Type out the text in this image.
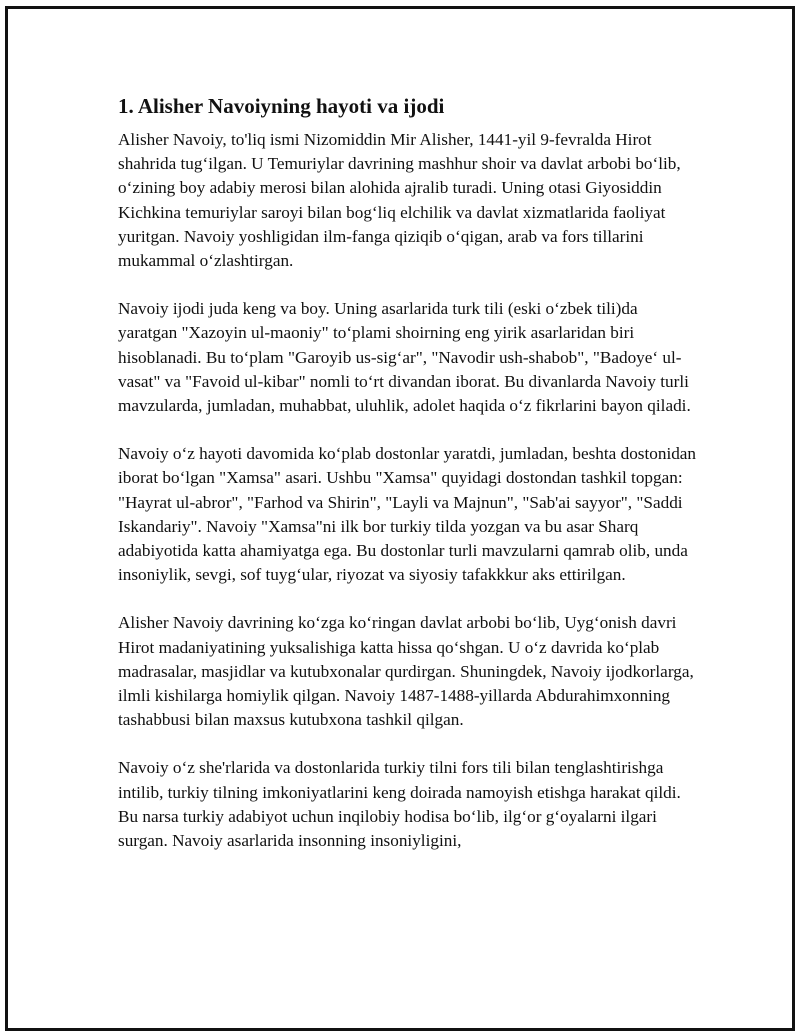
1. Alisher Navoiyning hayoti va ijodi

Alisher Navoiy, to'liq ismi Nizomiddin Mir Alisher, 1441-yil 9-fevralda Hirot shahrida tug‘ilgan. U Temuriylar davrining mashhur shoir va davlat arbobi bo‘lib, o‘zining boy adabiy merosi bilan alohida ajralib turadi. Uning otasi Giyosiddin Kichkina temuriylar saroyi bilan bog‘liq elchilik va davlat xizmatlarida faoliyat yuritgan. Navoiy yoshligidan ilm-fanga qiziqib o‘qigan, arab va fors tillarini mukammal o‘zlashtirgan.

Navoiy ijodi juda keng va boy. Uning asarlarida turk tili (eski o‘zbek tili)da yaratgan "Xazoyin ul-maoniy" to‘plami shoirning eng yirik asarlaridan biri hisoblanadi. Bu to‘plam "Garoyib us-sig‘ar", "Navodir ush-shabob", "Badoye‘ ul-vasat" va "Favoid ul-kibar" nomli to‘rt divandan iborat. Bu divanlarda Navoiy turli mavzularda, jumladan, muhabbat, uluhlik, adolet haqida o‘z fikrlarini bayon qiladi.

Navoiy o‘z hayoti davomida ko‘plab dostonlar yaratdi, jumladan, beshta dostonidan iborat bo‘lgan "Xamsa" asari. Ushbu "Xamsa" quyidagi dostondan tashkil topgan: "Hayrat ul-abror", "Farhod va Shirin", "Layli va Majnun", "Sab'ai sayyor", "Saddi Iskandariy". Navoiy "Xamsa"ni ilk bor turkiy tilda yozgan va bu asar Sharq adabiyotida katta ahamiyatga ega. Bu dostonlar turli mavzularni qamrab olib, unda insoniylik, sevgi, sof tuyg‘ular, riyozat va siyosiy tafakkkur aks ettirilgan.

Alisher Navoiy davrining ko‘zga ko‘ringan davlat arbobi bo‘lib, Uyg‘onish davri Hirot madaniyatining yuksalishiga katta hissa qo‘shgan. U o‘z davrida ko‘plab madrasalar, masjidlar va kutubxonalar qurdirgan. Shuningdek, Navoiy ijodkorlarga, ilmli kishilarga homiylik qilgan. Navoiy 1487-1488-yillarda Abdurahimxonning tashabbusi bilan maxsus kutubxona tashkil qilgan.

Navoiy o‘z she'rlarida va dostonlarida turkiy tilni fors tili bilan tenglashtirishga intilib, turkiy tilning imkoniyatlarini keng doirada namoyish etishga harakat qildi. Bu narsa turkiy adabiyot uchun inqilobiy hodisa bo‘lib, ilg‘or g‘oyalarni ilgari surgan. Navoiy asarlarida insonning insoniyligini,
